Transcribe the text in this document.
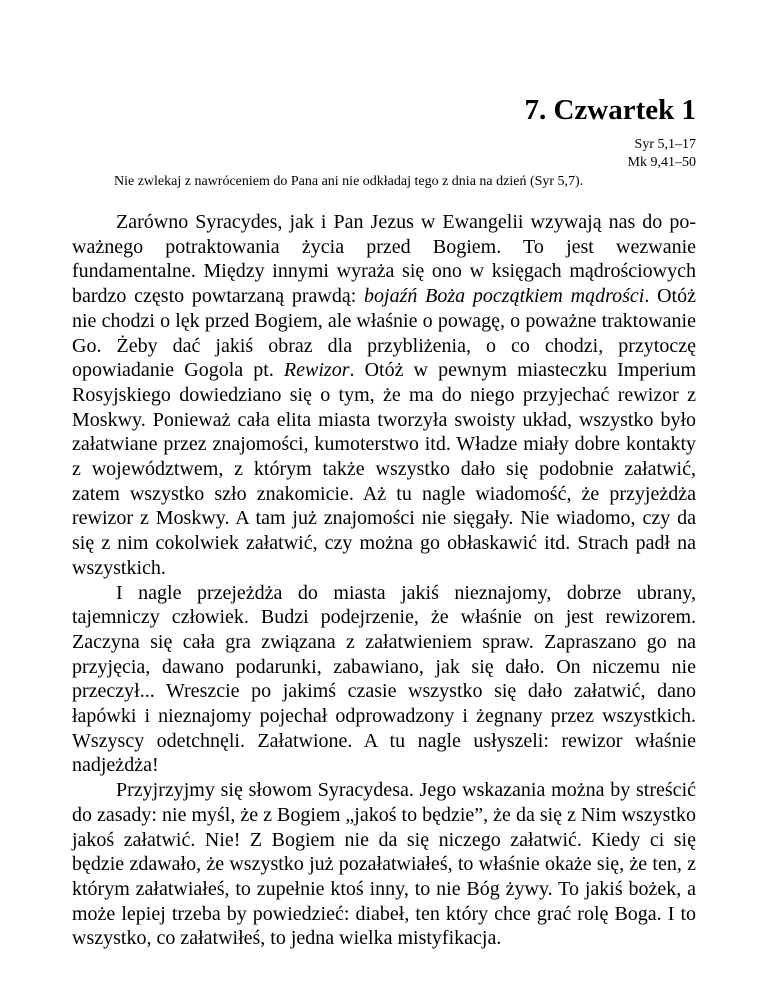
7. Czwartek 1
Syr 5,1–17
Mk 9,41–50

Nie zwlekaj z nawróceniem do Pana ani nie odkładaj tego z dnia na dzień (Syr 5,7).

Zarówno Syracydes, jak i Pan Jezus w Ewangelii wzywają nas do po-ważnego potraktowania życia przed Bogiem. To jest wezwanie fundamentalne. Między innymi wyraża się ono w księgach mądrościowych bardzo często powtarzaną prawdą: bojaźń Boża początkiem mądrości. Otóż nie chodzi o lęk przed Bogiem, ale właśnie o powagę, o poważne traktowanie Go. Żeby dać jakiś obraz dla przybliżenia, o co chodzi, przytoczę opowiadanie Gogola pt. Rewizor. Otóż w pewnym miasteczku Imperium Rosyjskiego dowiedziano się o tym, że ma do niego przyjechać rewizor z Moskwy. Ponieważ cała elita miasta tworzyła swoisty układ, wszystko było załatwiane przez znajomości, kumoterstwo itd. Władze miały dobre kontakty z województwem, z którym także wszystko dało się podobnie załatwić, zatem wszystko szło znakomicie. Aż tu nagle wiadomość, że przyjeżdża rewizor z Moskwy. A tam już znajomości nie sięgały. Nie wiadomo, czy da się z nim cokolwiek załatwić, czy można go obłaskawić itd. Strach padł na wszystkich.

I nagle przejeżdża do miasta jakiś nieznajomy, dobrze ubrany, tajemniczy człowiek. Budzi podejrzenie, że właśnie on jest rewizorem. Zaczyna się cała gra związana z załatwieniem spraw. Zapraszano go na przyjęcia, dawano podarunki, zabawiano, jak się dało. On niczemu nie przeczył... Wreszcie po jakimś czasie wszystko się dało załatwić, dano łapówki i nieznajomy pojechał odprowadzony i żegnany przez wszystkich. Wszyscy odetchnęli. Załatwione. A tu nagle usłyszeli: rewizor właśnie nadjeżdża!

Przyjrzyjmy się słowom Syracydesa. Jego wskazania można by streścić do zasady: nie myśl, że z Bogiem „jakoś to będzie”, że da się z Nim wszystko jakoś załatwić. Nie! Z Bogiem nie da się niczego załatwić. Kiedy ci się będzie zdawało, że wszystko już pozałatwiałeś, to właśnie okaże się, że ten, z którym załatwiałeś, to zupełnie ktoś inny, to nie Bóg żywy. To jakiś bożek, a może lepiej trzeba by powiedzieć: diabeł, ten który chce grać rolę Boga. I to wszystko, co załatwiłeś, to jedna wielka mistyfikacja.
